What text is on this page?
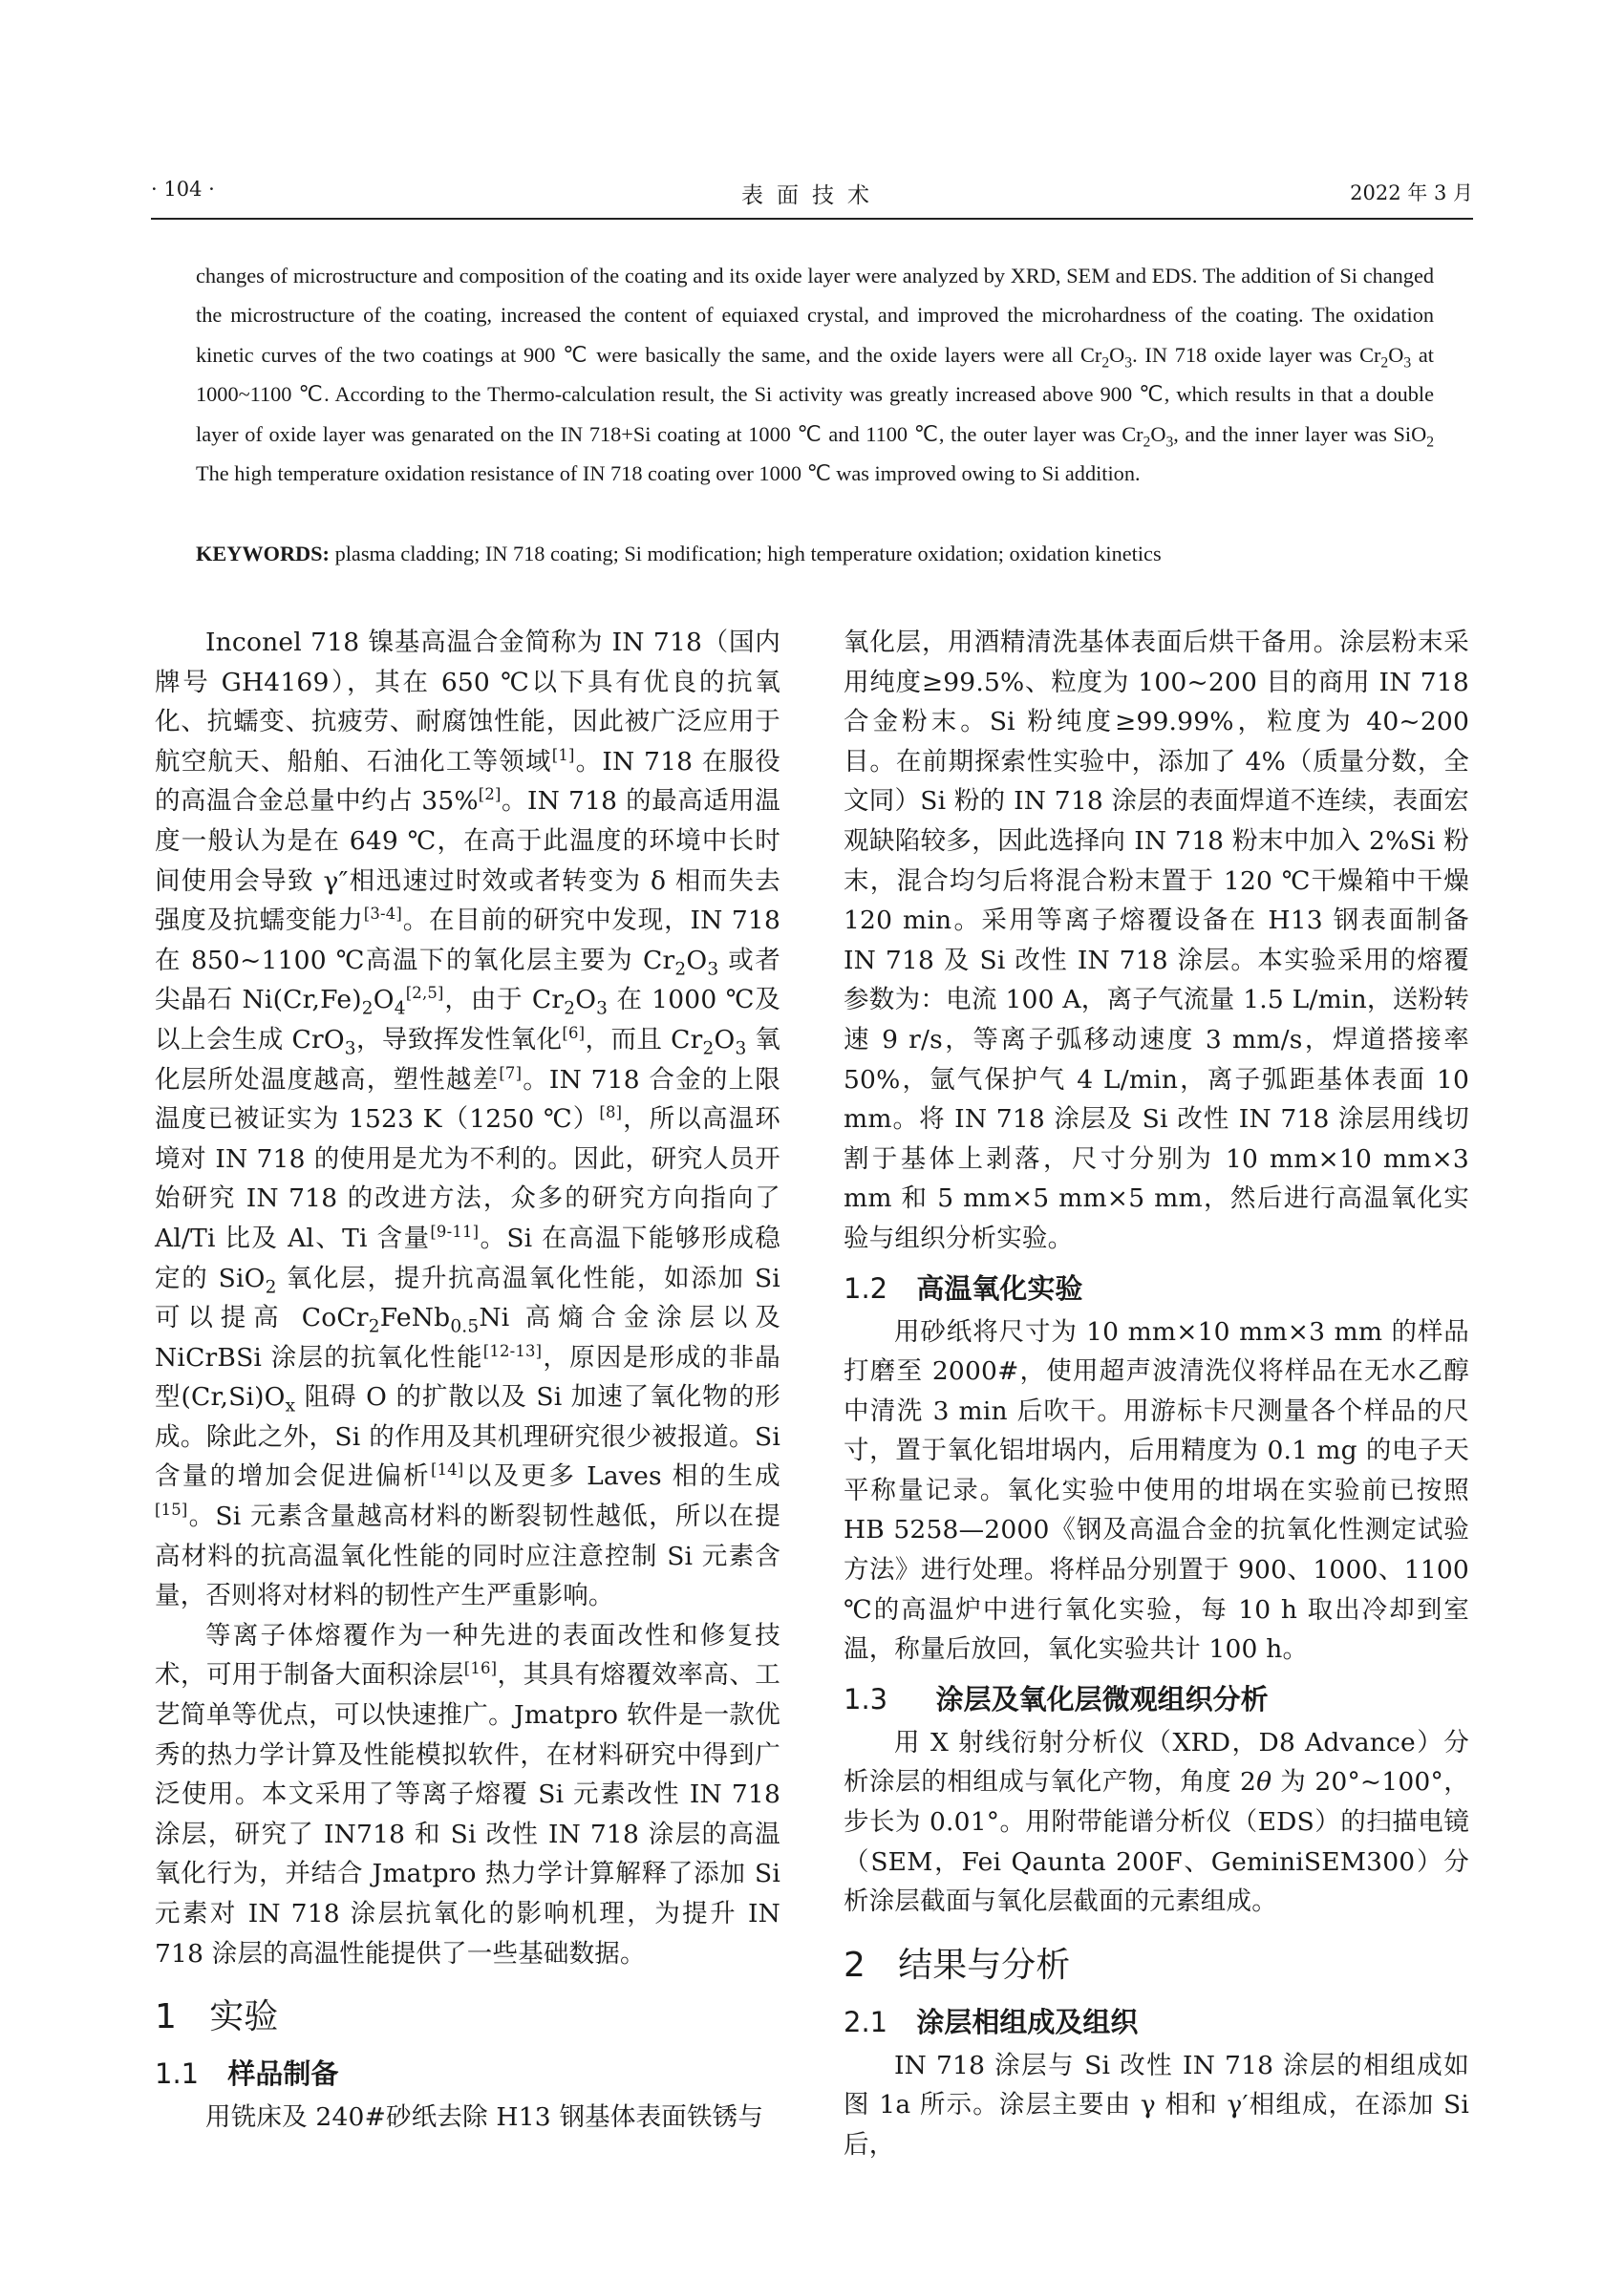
· 104 ·	表面技术	2022 年 3 月

changes of microstructure and composition of the coating and its oxide layer were analyzed by XRD, SEM and EDS. The addition of Si changed the microstructure of the coating, increased the content of equiaxed crystal, and improved the microhardness of the coating. The oxidation kinetic curves of the two coatings at 900 ℃ were basically the same, and the oxide layers were all $Cr_2O_3$. IN 718 oxide layer was $Cr_2O_3$ at 1000~1100 ℃. According to the Thermo-calculation result, the Si activity was greatly increased above 900 ℃, which results in that a double layer of oxide layer was genarated on the IN 718+Si coating at 1000 ℃ and 1100 ℃, the outer layer was $Cr_2O_3$, and the inner layer was SiO$_2$ The high temperature oxidation resistance of IN 718 coating over 1000 ℃ was improved owing to Si addition.

KEYWORDS: plasma cladding; IN 718 coating; Si modification; high temperature oxidation; oxidation kinetics

Inconel 718 镍基高温合金简称为 IN 718（国内牌号 GH4169），其在 650 ℃以下具有优良的抗氧化、抗蠕变、抗疲劳、耐腐蚀性能，因此被广泛应用于航空航天、船舶、石油化工等领域[1]。IN 718 在服役的高温合金总量中约占 35%[2]。IN 718 的最高适用温度一般认为是在 649 ℃，在高于此温度的环境中长时间使用会导致 γ″相迅速过时效或者转变为 δ 相而失去强度及抗蠕变能力[3-4]。在目前的研究中发现，IN 718 在 850~1100 ℃高温下的氧化层主要为 $Cr_2O_3$ 或者尖晶石 $Ni(Cr,Fe)_2O_4[2,5]$，由于 $Cr_2O_3$ 在 1000 ℃及以上会生成 CrO$_3$，导致挥发性氧化[6]，而且 $Cr_2O_3$ 氧化层所处温度越高，塑性越差[7]。IN 718 合金的上限温度已被证实为 1523 K（1250 ℃）[8]，所以高温环境对 IN 718 的使用是尤为不利的。因此，研究人员开始研究 IN 718 的改进方法，众多的研究方向指向了 Al/Ti 比及 Al、Ti 含量[9-11]。Si 在高温下能够形成稳定的 SiO$_2$ 氧化层，提升抗高温氧化性能，如添加 Si 可以提高 CoCr$_2$FeNb$_{0.5}$Ni 高熵合金涂层以及 NiCrBSi 涂层的抗氧化性能[12-13]，原因是形成的非晶型$(Cr,Si)O_x$ 阻碍 O 的扩散以及 Si 加速了氧化物的形成。除此之外，Si 的作用及其机理研究很少被报道。Si 含量的增加会促进偏析[14]以及更多 Laves 相的生成[15]。Si 元素含量越高材料的断裂韧性越低，所以在提高材料的抗高温氧化性能的同时应注意控制 Si 元素含量，否则将对材料的韧性产生严重影响。

等离子体熔覆作为一种先进的表面改性和修复技术，可用于制备大面积涂层[16]，其具有熔覆效率高、工艺简单等优点，可以快速推广。Jmatpro 软件是一款优秀的热力学计算及性能模拟软件，在材料研究中得到广泛使用。本文采用了等离子熔覆 Si 元素改性 IN 718 涂层，研究了 IN718 和 Si 改性 IN 718 涂层的高温氧化行为，并结合 Jmatpro 热力学计算解释了添加 Si 元素对 IN 718 涂层抗氧化的影响机理，为提升 IN 718 涂层的高温性能提供了一些基础数据。

1 实验
1.1 样品制备

用铣床及 240#砂纸去除 H13 钢基体表面铁锈与

氧化层，用酒精清洗基体表面后烘干备用。涂层粉末采用纯度≥99.5%、粒度为 100~200 目的商用 IN 718 合金粉末。Si 粉纯度≥99.99%，粒度为 40~200 目。在前期探索性实验中，添加了 4%（质量分数，全文同）Si 粉的 IN 718 涂层的表面焊道不连续，表面宏观缺陷较多，因此选择向 IN 718 粉末中加入 2%Si 粉末，混合均匀后将混合粉末置于 120 ℃干燥箱中干燥 120 min。采用等离子熔覆设备在 H13 钢表面制备 IN 718 及 Si 改性 IN 718 涂层。本实验采用的熔覆参数为：电流 100 A，离子气流量 1.5 L/min，送粉转速 9 r/s，等离子弧移动速度 3 mm/s，焊道搭接率 50%，氩气保护气 4 L/min，离子弧距基体表面 10 mm。将 IN 718 涂层及 Si 改性 IN 718 涂层用线切割于基体上剥落，尺寸分别为 10 mm×10 mm×3 mm 和 5 mm×5 mm×5 mm，然后进行高温氧化实验与组织分析实验。

1.2 高温氧化实验

用砂纸将尺寸为 10 mm×10 mm×3 mm 的样品打磨至 2000#，使用超声波清洗仪将样品在无水乙醇中清洗 3 min 后吹干。用游标卡尺测量各个样品的尺寸，置于氧化铝坩埚内，后用精度为 0.1 mg 的电子天平称量记录。氧化实验中使用的坩埚在实验前已按照 HB 5258—2000《钢及高温合金的抗氧化性测定试验方法》进行处理。将样品分别置于 900、1000、1100 ℃的高温炉中进行氧化实验，每 10 h 取出冷却到室温，称量后放回，氧化实验共计 100 h。

1.3 涂层及氧化层微观组织分析

用 X 射线衍射分析仪（XRD，D8 Advance）分析涂层的相组成与氧化产物，角度 2θ 为 20°~100°，步长为 0.01°。用附带能谱分析仪（EDS）的扫描电镜（SEM，Fei Qaunta 200F、GeminiSEM300）分析涂层截面与氧化层截面的元素组成。

2 结果与分析
2.1 涂层相组成及组织

IN 718 涂层与 Si 改性 IN 718 涂层的相组成如图 1a 所示。涂层主要由 γ 相和 γ′相组成，在添加 Si 后，
